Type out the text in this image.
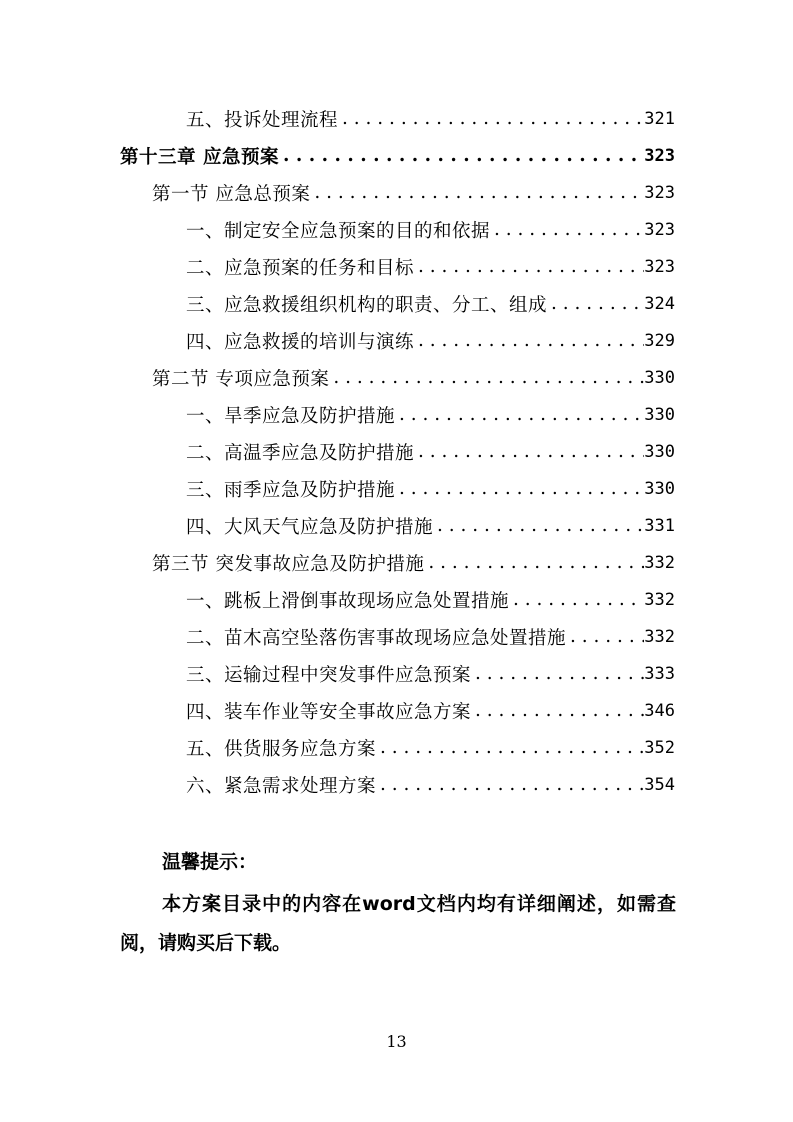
五、投诉处理流程 . . .	321
第十三章 应急预案 . . .	323
第一节 应急总预案 . . .	323
一、制定安全应急预案的目的和依据 . . .	323
二、应急预案的任务和目标 . . .	323
三、应急救援组织机构的职责、分工、组成 . . .	324
四、应急救援的培训与演练 . . .	329
第二节 专项应急预案 . . .	330
一、旱季应急及防护措施 . . .	330
二、高温季应急及防护措施 . . .	330
三、雨季应急及防护措施 . . .	330
四、大风天气应急及防护措施 . . .	331
第三节 突发事故应急及防护措施 . . .	332
一、跳板上滑倒事故现场应急处置措施 . . .	332
二、苗木高空坠落伤害事故现场应急处置措施 . . .	332
三、运输过程中突发事件应急预案 . . .	333
四、装车作业等安全事故应急方案 . . .	346
五、供货服务应急方案 . . .	352
六、紧急需求处理方案 . . .	354
温馨提示：
本方案目录中的内容在word文档内均有详细阐述，如需查阅，请购买后下载。
13
